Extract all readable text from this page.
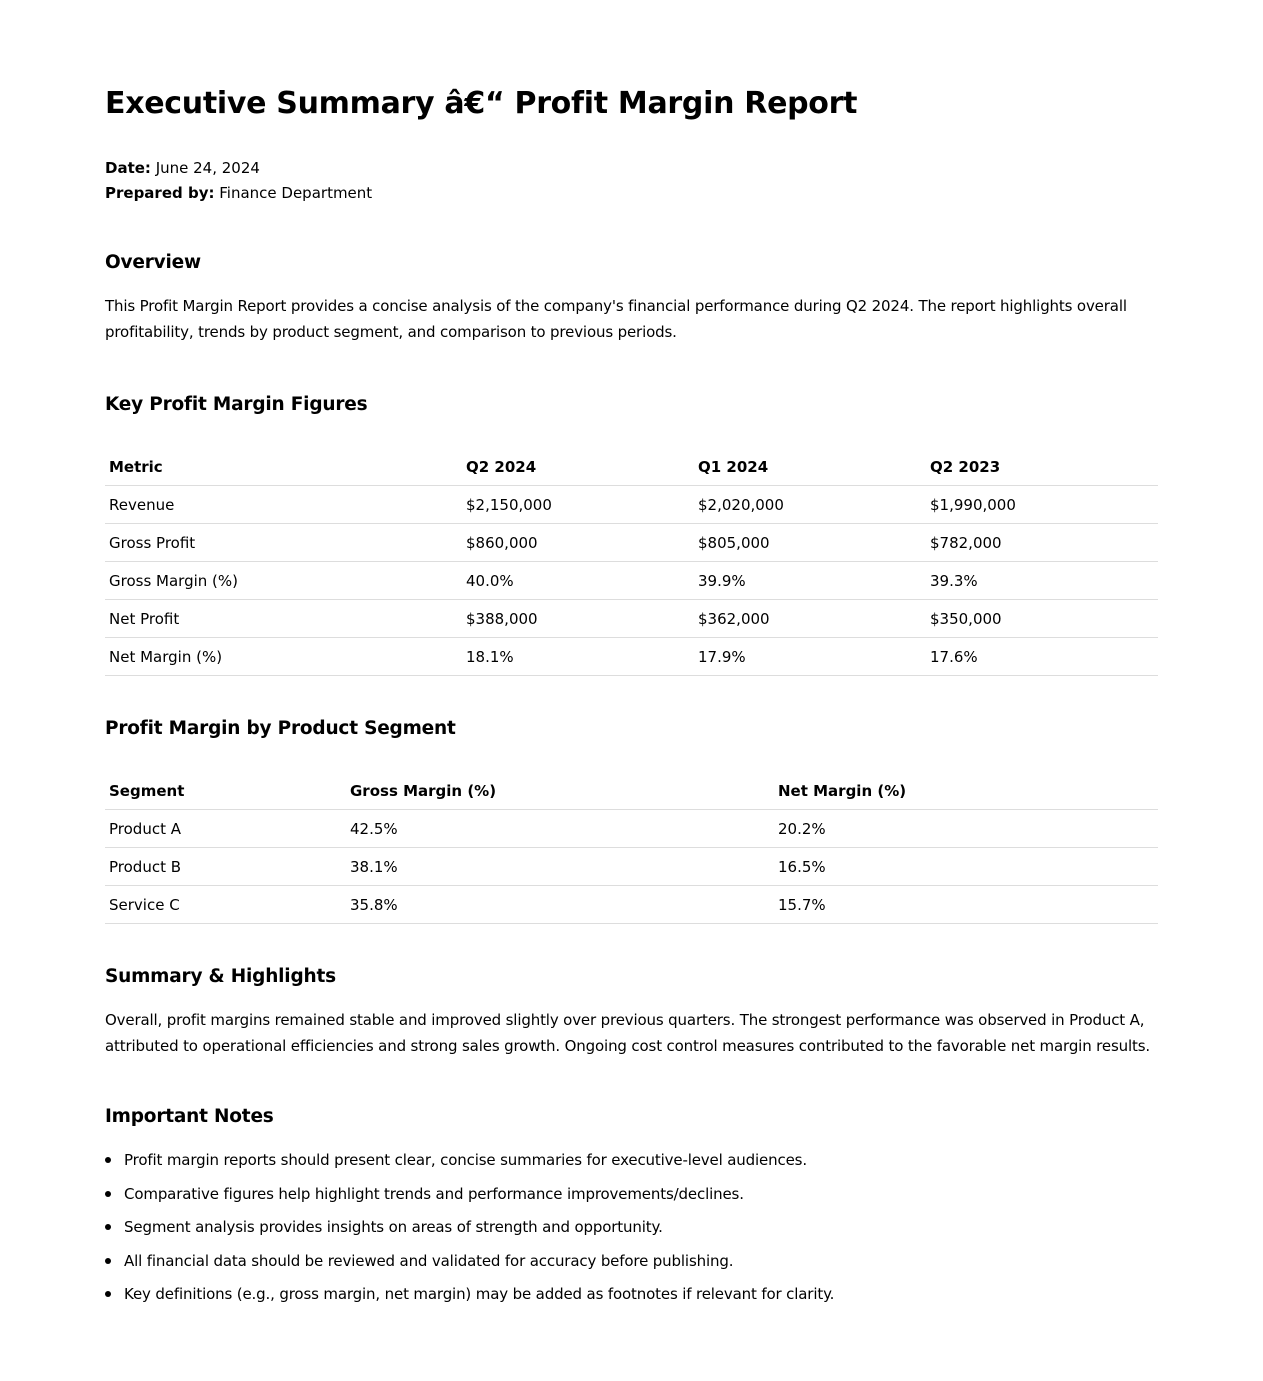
Executive Summary â€“ Profit Margin Report
Date: June 24, 2024
Prepared by: Finance Department
Overview

This Profit Margin Report provides a concise analysis of the company's financial performance during Q2 2024. The report highlights overall profitability, trends by product segment, and comparison to previous periods.

Key Profit Margin Figures
Metric	Q2 2024	Q1 2024	Q2 2023
Revenue	$2,150,000	$2,020,000	$1,990,000
Gross Profit	$860,000	$805,000	$782,000
Gross Margin (%)	40.0%	39.9%	39.3%
Net Profit	$388,000	$362,000	$350,000
Net Margin (%)	18.1%	17.9%	17.6%
Profit Margin by Product Segment
Segment	Gross Margin (%)	Net Margin (%)
Product A	42.5%	20.2%
Product B	38.1%	16.5%
Service C	35.8%	15.7%
Summary & Highlights

Overall, profit margins remained stable and improved slightly over previous quarters. The strongest performance was observed in Product A, attributed to operational efficiencies and strong sales growth. Ongoing cost control measures contributed to the favorable net margin results.

Important Notes
Profit margin reports should present clear, concise summaries for executive-level audiences.
Comparative figures help highlight trends and performance improvements/declines.
Segment analysis provides insights on areas of strength and opportunity.
All financial data should be reviewed and validated for accuracy before publishing.
Key definitions (e.g., gross margin, net margin) may be added as footnotes if relevant for clarity.
